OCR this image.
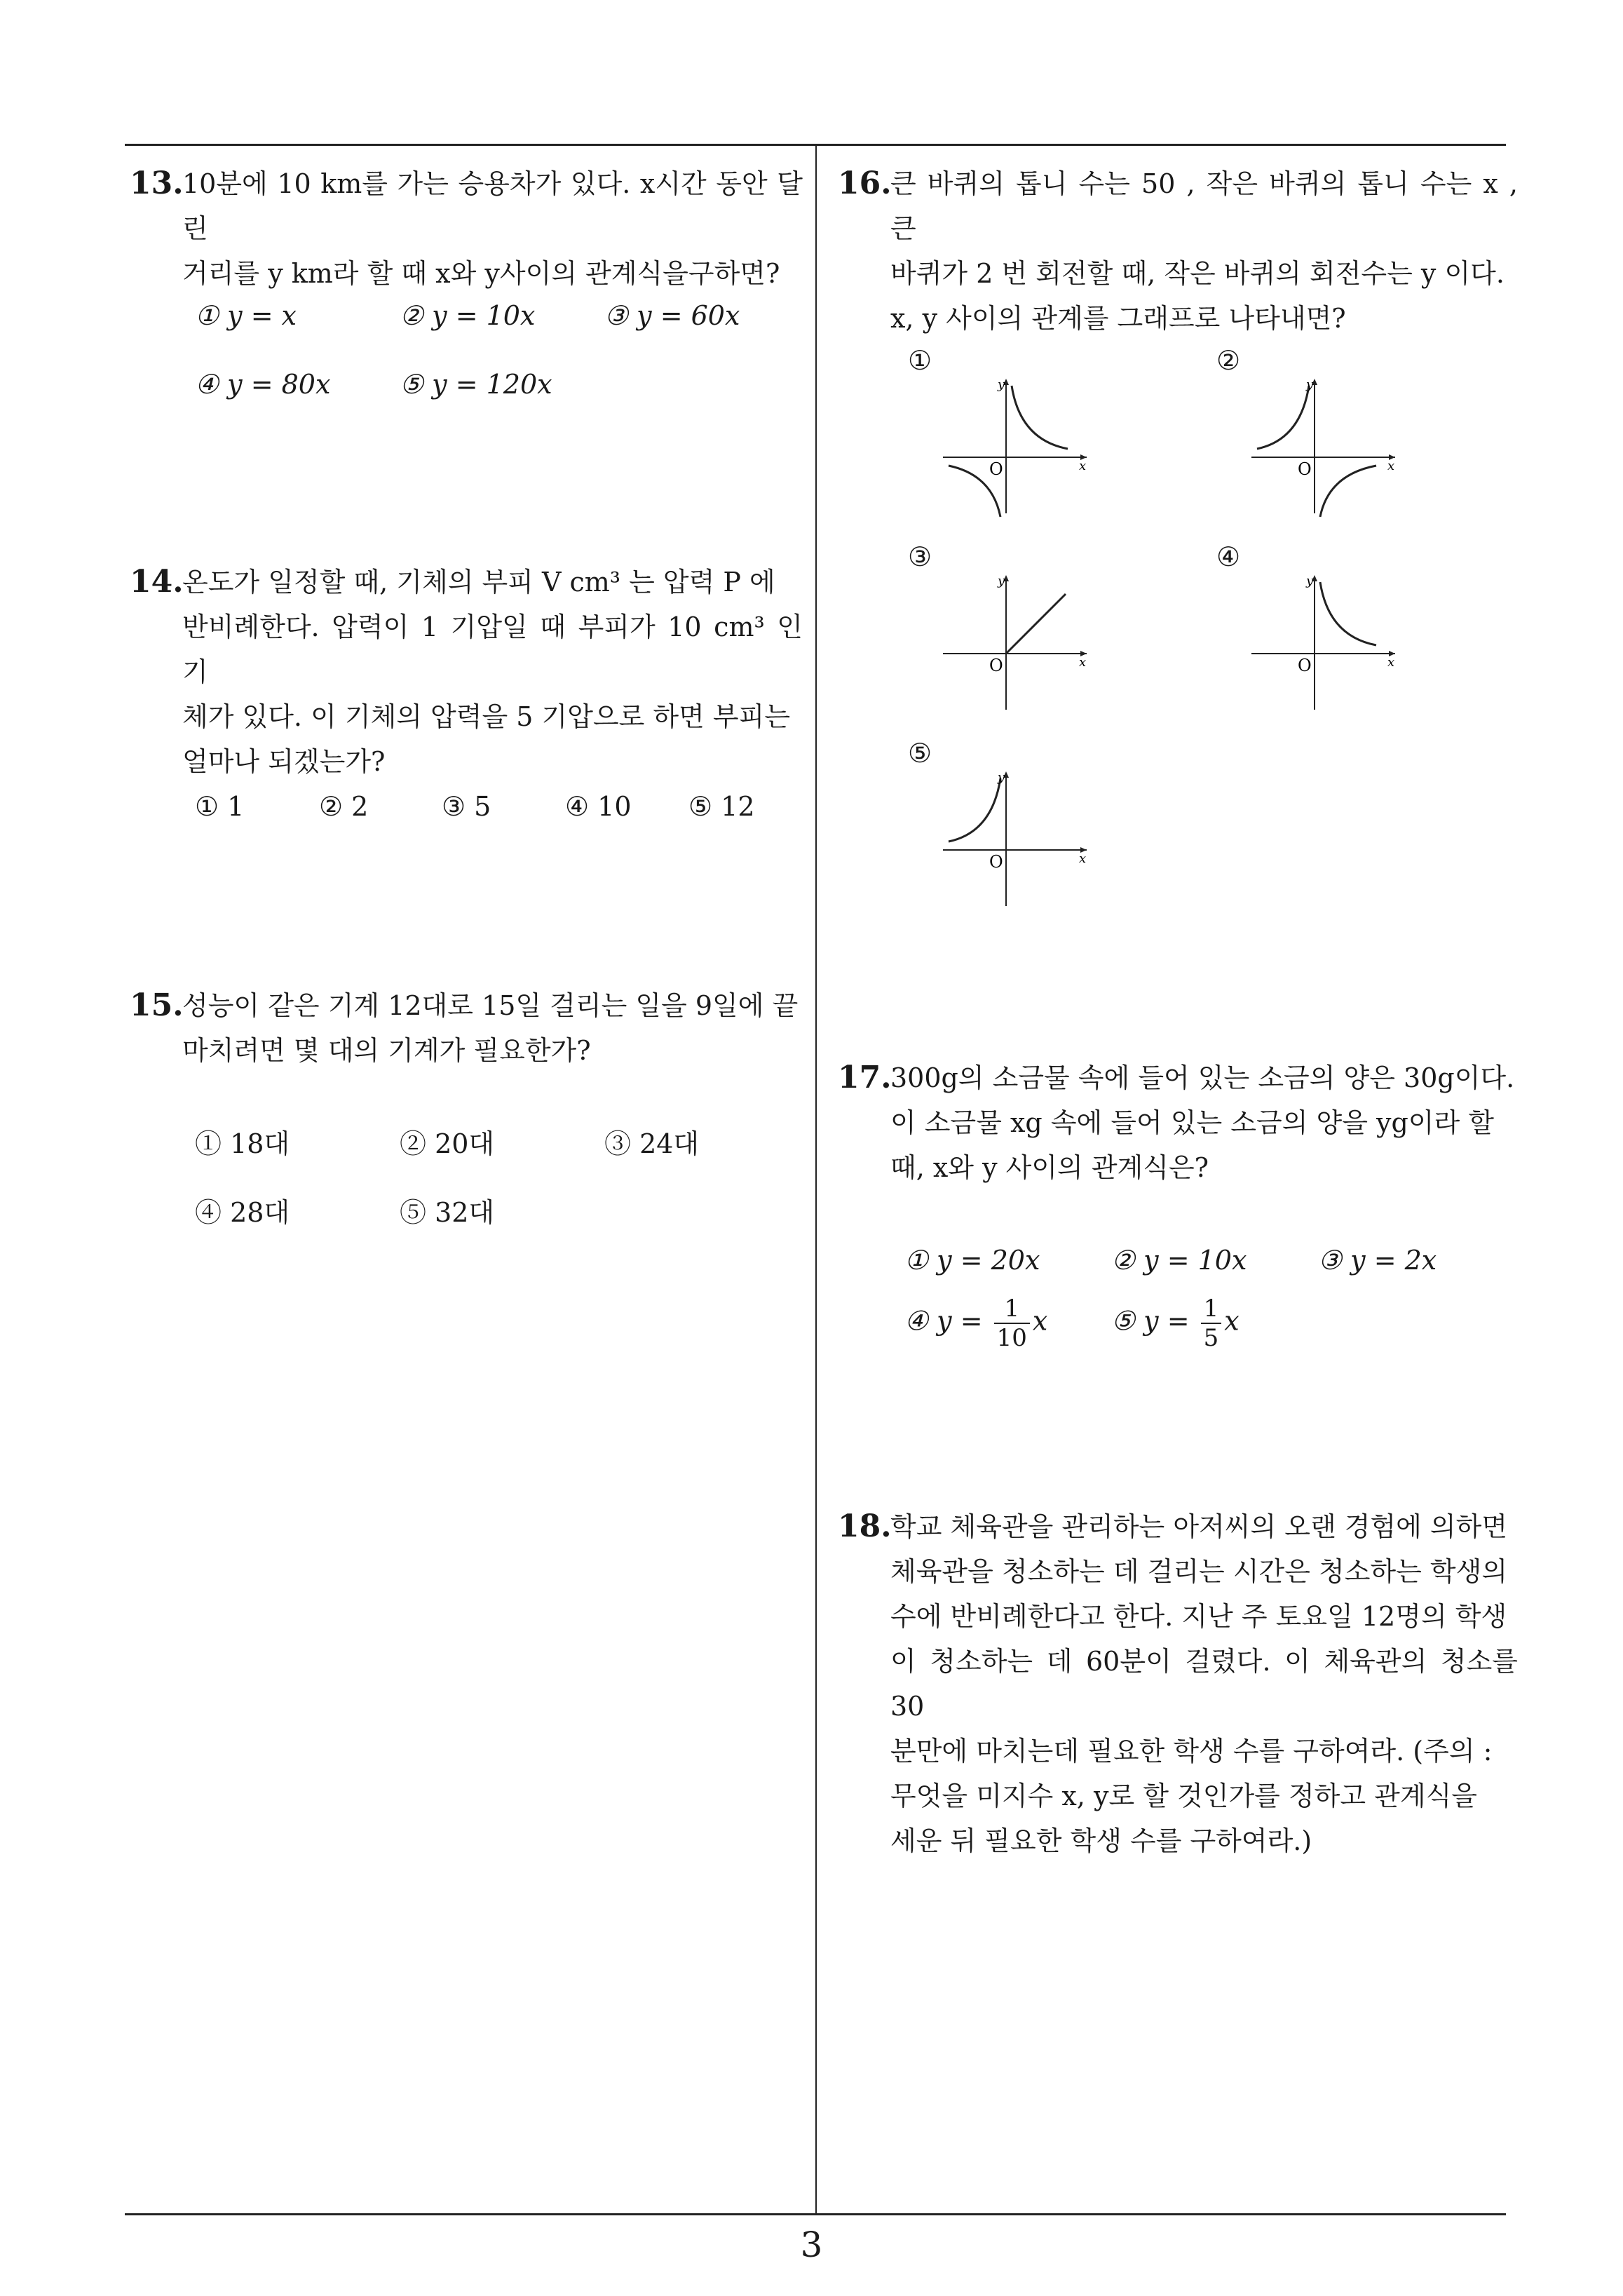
13.
10분에 10 km를 가는 승용차가 있다. x시간 동안 달린
거리를 y km라 할 때 x와 y사이의 관계식을구하면?
① y = x	② y = 10x	③ y = 60x
④ y = 80x	⑤ y = 120x
14.
온도가 일정할 때, 기체의 부피 V cm³ 는 압력 P 에
반비례한다. 압력이 1 기압일 때 부피가 10 cm³ 인 기
체가 있다. 이 기체의 압력을 5 기압으로 하면 부피는
얼마나 되겠는가?
① 1	② 2	③ 5	④ 10 ⑤ 12
15.
성능이 같은 기계 12대로 15일 걸리는 일을 9일에 끝
마치려면 몇 대의 기계가 필요한가?
① 18대	② 20대	③ 24대
④ 28대	⑤ 32대
16.
큰 바퀴의 톱니 수는 50 , 작은 바퀴의 톱니 수는 x , 큰
바퀴가 2 번 회전할 때, 작은 바퀴의 회전수는 y 이다.
x, y 사이의 관계를 그래프로 나타내면?
①
y
x
O
②
y
x
O
③
y
x
O
④
y
x
O
⑤
y
x
O
17.
300g의 소금물 속에 들어 있는 소금의 양은 30g이다.
이 소금물 xg 속에 들어 있는 소금의 양을 yg이라 할
때, x와 y 사이의 관계식은?
① y = 20x	② y = 10x	③ y = 2x
④ $y = \frac{1}{10}$ x ⑤ $y = \frac{1}{5}$ x
18.
학교 체육관을 관리하는 아저씨의 오랜 경험에 의하면
체육관을 청소하는 데 걸리는 시간은 청소하는 학생의
수에 반비례한다고 한다. 지난 주 토요일 12명의 학생
이 청소하는 데 60분이 걸렸다. 이 체육관의 청소를 30
분만에 마치는데 필요한 학생 수를 구하여라. (주의 :
무엇을 미지수 x, y로 할 것인가를 정하고 관계식을
세운 뒤 필요한 학생 수를 구하여라.)
3
